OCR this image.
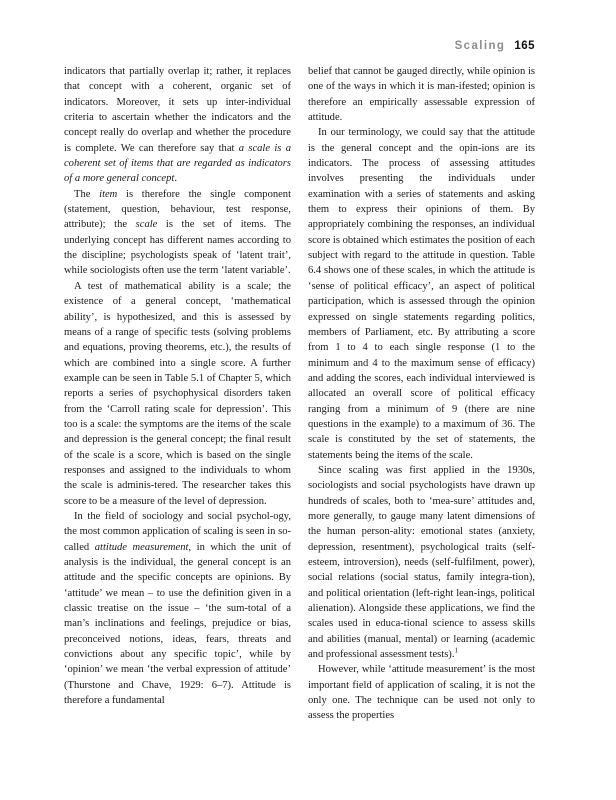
Scaling 165

indicators that partially overlap it; rather, it replaces that concept with a coherent, organic set of indicators. Moreover, it sets up inter-individual criteria to ascertain whether the indicators and the concept really do overlap and whether the procedure is complete. We can therefore say that a scale is a coherent set of items that are regarded as indicators of a more general concept.

The item is therefore the single component (statement, question, behaviour, test response, attribute); the scale is the set of items. The underlying concept has different names according to the discipline; psychologists speak of ‘latent trait’, while sociologists often use the term ‘latent variable’.

A test of mathematical ability is a scale; the existence of a general concept, ‘mathematical ability’, is hypothesized, and this is assessed by means of a range of specific tests (solving problems and equations, proving theorems, etc.), the results of which are combined into a single score. A further example can be seen in Table 5.1 of Chapter 5, which reports a series of psychophysical disorders taken from the ‘Carroll rating scale for depression’. This too is a scale: the symptoms are the items of the scale and depression is the general concept; the final result of the scale is a score, which is based on the single responses and assigned to the individuals to whom the scale is adminis-tered. The researcher takes this score to be a measure of the level of depression.

In the field of sociology and social psychol-ogy, the most common application of scaling is seen in so-called attitude measurement, in which the unit of analysis is the individual, the general concept is an attitude and the specific concepts are opinions. By ‘attitude’ we mean – to use the definition given in a classic treatise on the issue – ‘the sum-total of a man’s inclinations and feelings, prejudice or bias, preconceived notions, ideas, fears, threats and convictions about any specific topic’, while by ‘opinion’ we mean ‘the verbal expression of attitude’ (Thurstone and Chave, 1929: 6–7). Attitude is therefore a fundamental

belief that cannot be gauged directly, while opinion is one of the ways in which it is man-ifested; opinion is therefore an empirically assessable expression of attitude.

In our terminology, we could say that the attitude is the general concept and the opin-ions are its indicators. The process of assessing attitudes involves presenting the individuals under examination with a series of statements and asking them to express their opinions of them. By appropriately combining the responses, an individual score is obtained which estimates the position of each subject with regard to the attitude in question. Table 6.4 shows one of these scales, in which the attitude is ‘sense of political efficacy’, an aspect of political participation, which is assessed through the opinion expressed on single statements regarding politics, members of Parliament, etc. By attributing a score from 1 to 4 to each single response (1 to the minimum and 4 to the maximum sense of efficacy) and adding the scores, each individual interviewed is allocated an overall score of political efficacy ranging from a minimum of 9 (there are nine questions in the example) to a maximum of 36. The scale is constituted by the set of statements, the statements being the items of the scale.

Since scaling was first applied in the 1930s, sociologists and social psychologists have drawn up hundreds of scales, both to ‘mea-sure’ attitudes and, more generally, to gauge many latent dimensions of the human person-ality: emotional states (anxiety, depression, resentment), psychological traits (self-esteem, introversion), needs (self-fulfilment, power), social relations (social status, family integra-tion), and political orientation (left-right lean-ings, political alienation). Alongside these applications, we find the scales used in educa-tional science to assess skills and abilities (manual, mental) or learning (academic and professional assessment tests).$^1$

However, while ‘attitude measurement’ is the most important field of application of scaling, it is not the only one. The technique can be used not only to assess the properties
